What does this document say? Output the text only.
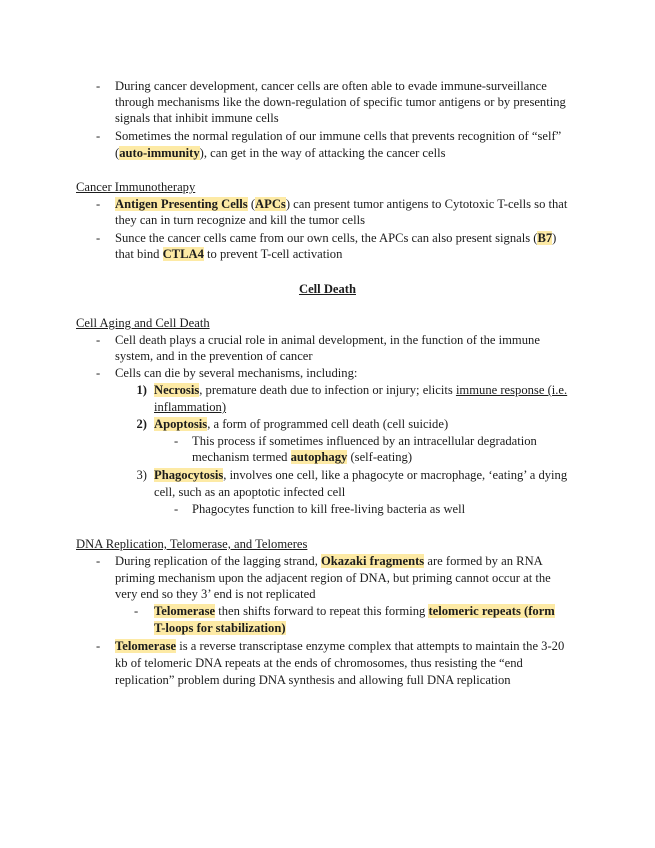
-	During cancer development, cancer cells are often able to evade immune-surveillance
through mechanisms like the down-regulation of specific tumor antigens or by presenting
signals that inhibit immune cells
-	Sometimes the normal regulation of our immune cells that prevents recognition of “self”
(auto-immunity), can get in the way of attacking the cancer cells
Cancer Immunotherapy
-	Antigen Presenting Cells (APCs) can present tumor antigens to Cytotoxic T-cells so that
they can in turn recognize and kill the tumor cells
-	Sunce the cancer cells came from our own cells, the APCs can also present signals (B7)
that bind CTLA4 to prevent T-cell activation
Cell Death
Cell Aging and Cell Death
-	Cell death plays a crucial role in animal development, in the function of the immune
system, and in the prevention of cancer
-	Cells can die by several mechanisms, including:
1) Necrosis, premature death due to infection or injury; elicits immune response (i.e.
inflammation)
2) Apoptosis, a form of programmed cell death (cell suicide)
-	This process if sometimes influenced by an intracellular degradation
mechanism termed autophagy (self-eating)
3) Phagocytosis, involves one cell, like a phagocyte or macrophage, ‘eating’ a dying
cell, such as an apoptotic infected cell
-	Phagocytes function to kill free-living bacteria as well
DNA Replication, Telomerase, and Telomeres
-	During replication of the lagging strand, Okazaki fragments are formed by an RNA
priming mechanism upon the adjacent region of DNA, but priming cannot occur at the
very end so they 3’ end is not replicated
-	Telomerase then shifts forward to repeat this forming telomeric repeats (form
T-loops for stabilization)
-	Telomerase is a reverse transcriptase enzyme complex that attempts to maintain the 3-20
kb of telomeric DNA repeats at the ends of chromosomes, thus resisting the “end
replication” problem during DNA synthesis and allowing full DNA replication
